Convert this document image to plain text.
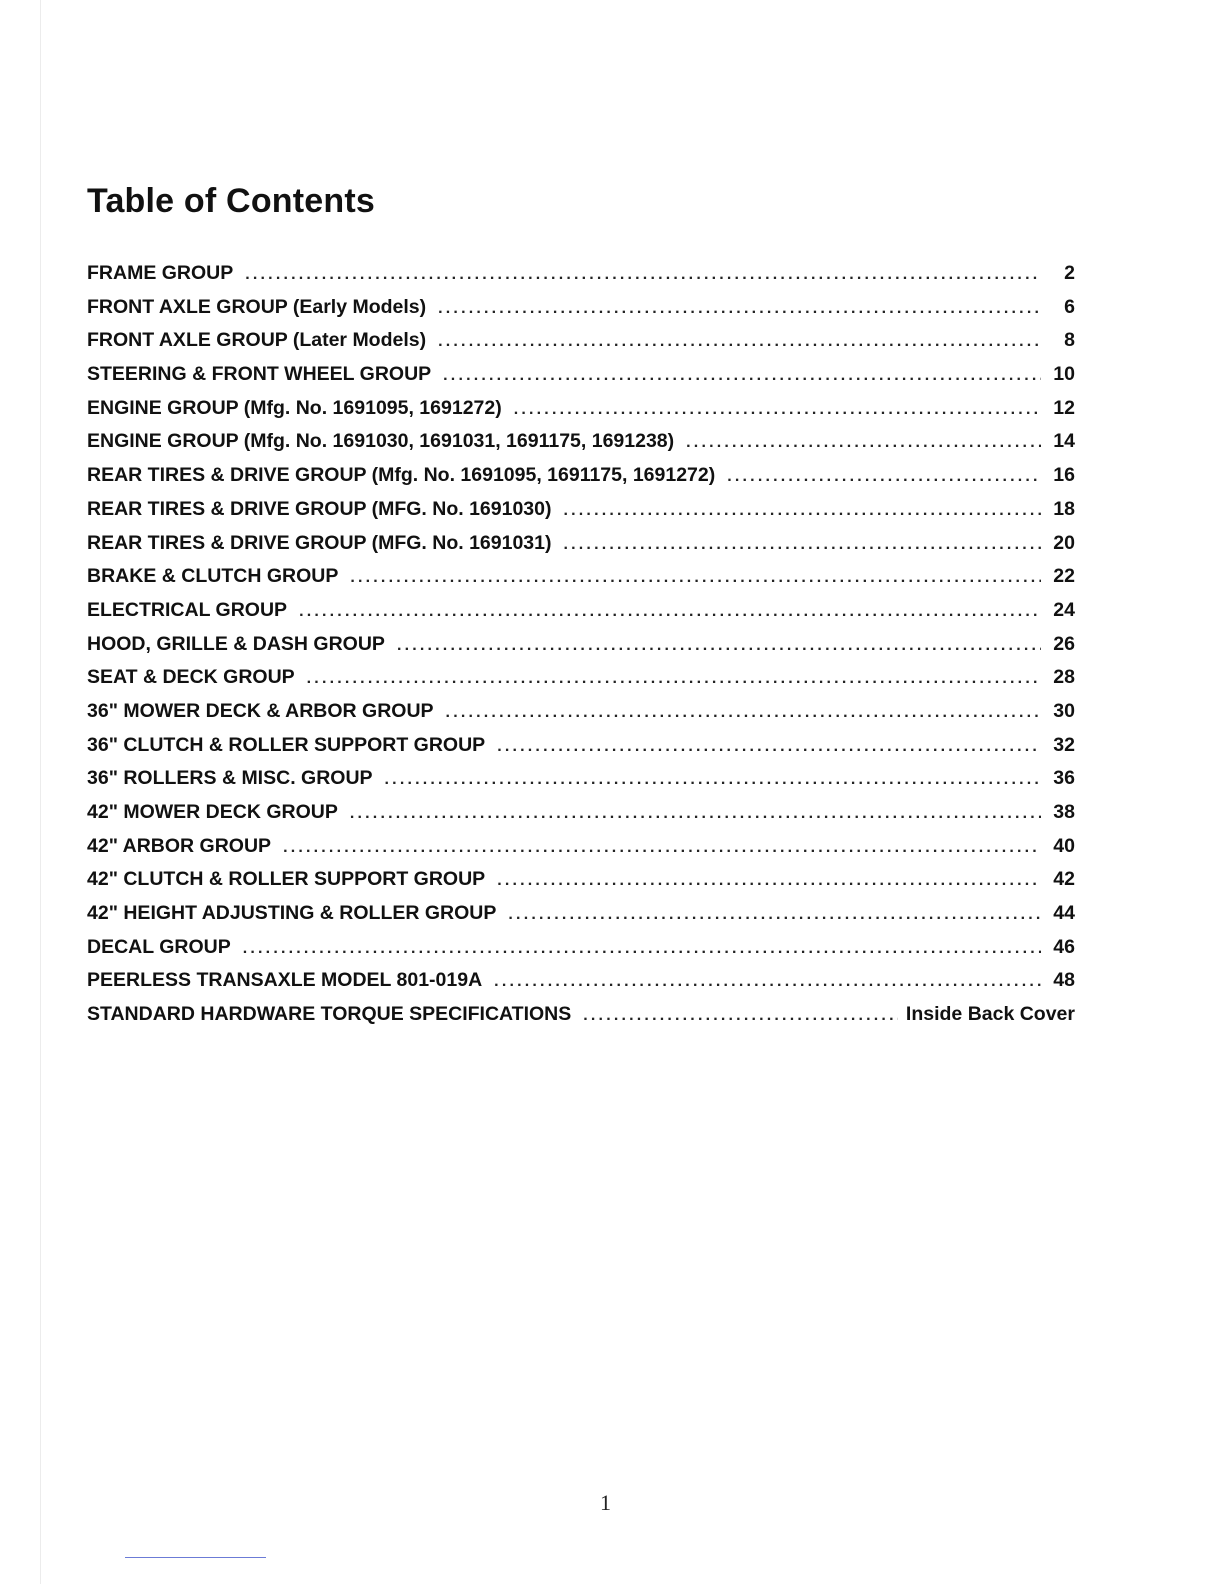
Table of Contents
FRAME GROUP .....	2
FRONT AXLE GROUP (Early Models) .....	6
FRONT AXLE GROUP (Later Models) .....	8
STEERING & FRONT WHEEL GROUP .....	10
ENGINE GROUP (Mfg. No. 1691095, 1691272) .....	12
ENGINE GROUP (Mfg. No. 1691030, 1691031, 1691175, 1691238) .....	14
REAR TIRES & DRIVE GROUP (Mfg. No. 1691095, 1691175, 1691272) .....	16
REAR TIRES & DRIVE GROUP (MFG. No. 1691030) .....	18
REAR TIRES & DRIVE GROUP (MFG. No. 1691031) .....	20
BRAKE & CLUTCH GROUP .....	22
ELECTRICAL GROUP .....	24
HOOD, GRILLE & DASH GROUP .....	26
SEAT & DECK GROUP .....	28
36" MOWER DECK & ARBOR GROUP .....	30
36" CLUTCH & ROLLER SUPPORT GROUP .....	32
36" ROLLERS & MISC. GROUP .....	36
42" MOWER DECK GROUP .....	38
42" ARBOR GROUP .....	40
42" CLUTCH & ROLLER SUPPORT GROUP .....	42
42" HEIGHT ADJUSTING & ROLLER GROUP .....	44
DECAL GROUP .....	46
PEERLESS TRANSAXLE MODEL 801-019A .....	48
STANDARD HARDWARE TORQUE SPECIFICATIONS .....	Inside Back Cover
1
